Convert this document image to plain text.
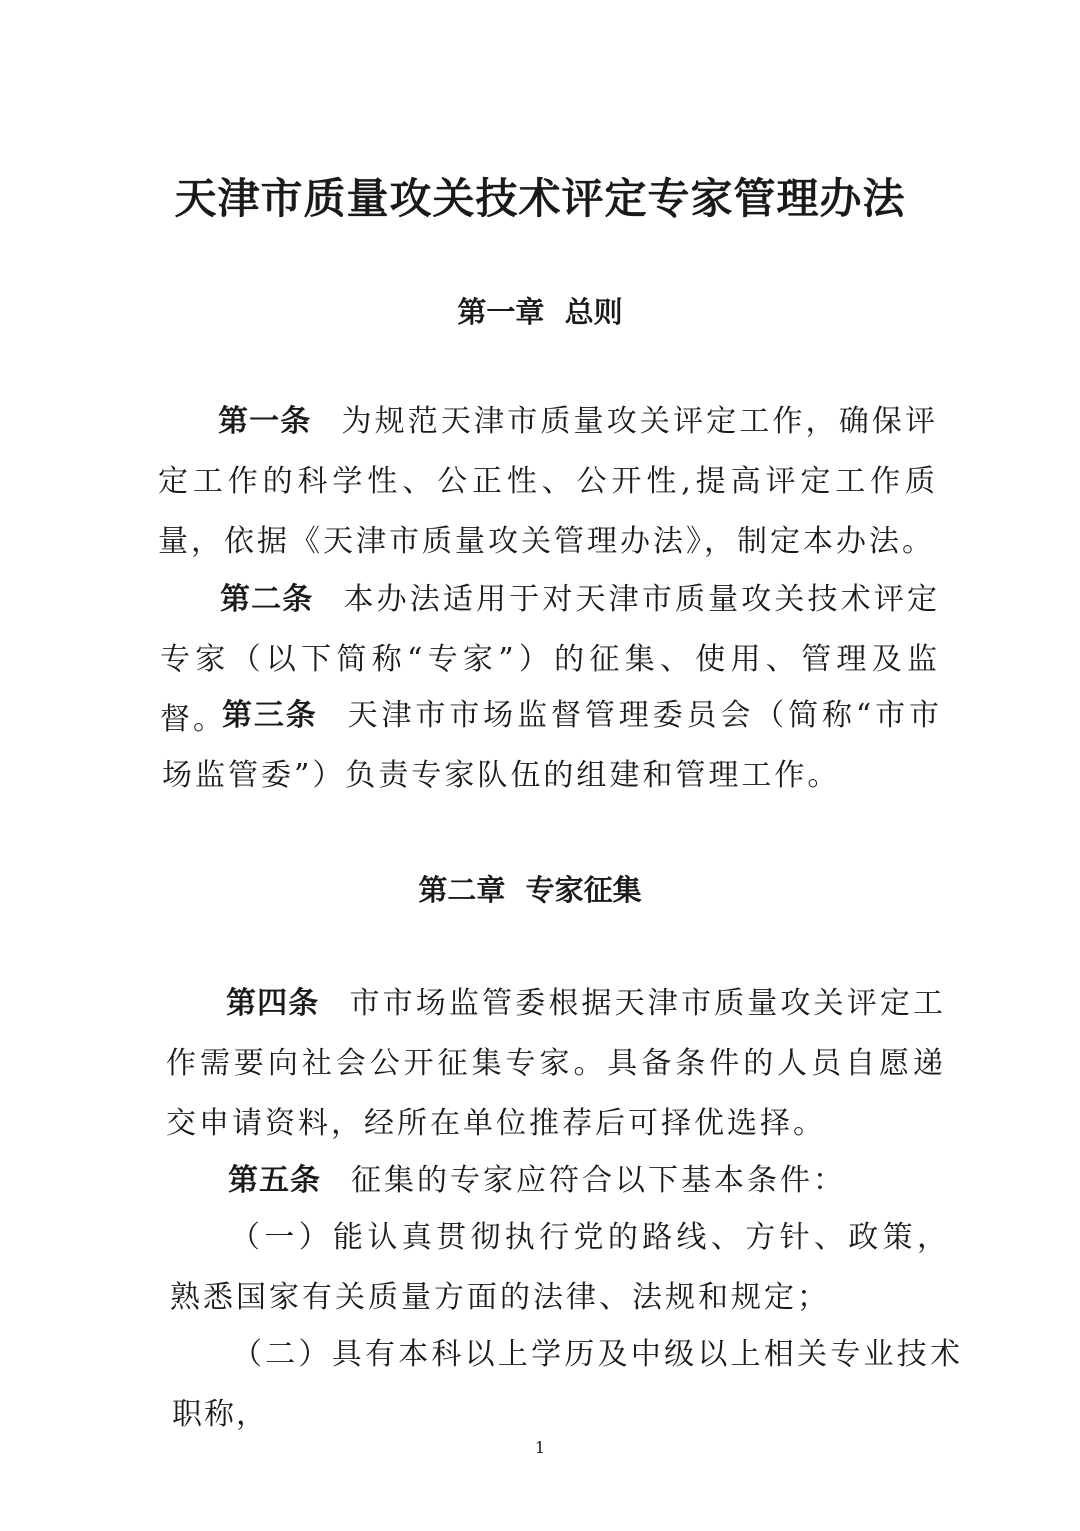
天津市质量攻关技术评定专家管理办法
第一章  总则
第一条 为规范天津市质量攻关评定工作，确保评定工作的科学性、公正性、公开性,提高评定工作质量，依据《天津市质量攻关管理办法》，制定本办法。
第二条 本办法适用于对天津市质量攻关技术评定专家（以下简称“专家”）的征集、使用、管理及监督。
第三条 天津市市场监督管理委员会（简称“市市场监管委”）负责专家队伍的组建和管理工作。
第二章  专家征集
第四条 市市场监管委根据天津市质量攻关评定工作需要向社会公开征集专家。具备条件的人员自愿递交申请资料，经所在单位推荐后可择优选择。
第五条 征集的专家应符合以下基本条件：
（一）能认真贯彻执行党的路线、方针、政策，熟悉国家有关质量方面的法律、法规和规定；
（二）具有本科以上学历及中级以上相关专业技术职称，
1
